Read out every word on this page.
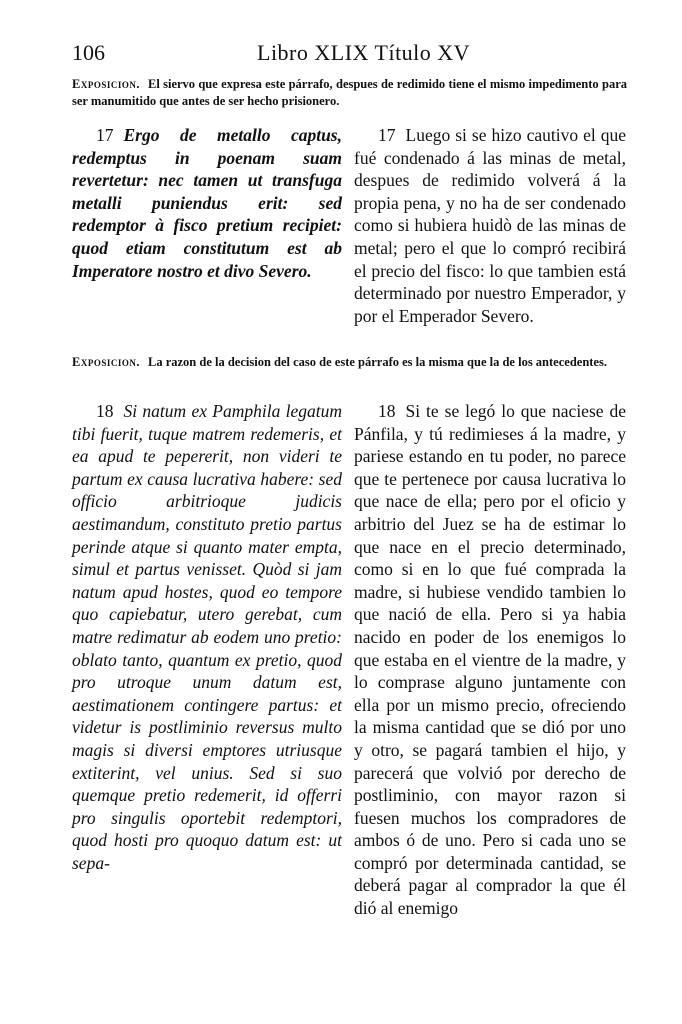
106	Libro XLIX Título XV
Exposicion. El siervo que expresa este párrafo, despues de redimido tiene el mismo impedimento para ser manumitido que antes de ser hecho prisionero.
17 Ergo de metallo captus, redemptus in poenam suam revertetur: nec tamen ut transfuga metalli puniendus erit: sed redemptor à fisco pretium recipiet: quod etiam constitutum est ab Imperatore nostro et divo Severo.
17 Luego si se hizo cautivo el que fué condenado á las minas de metal, despues de redimido volverá á la propia pena, y no ha de ser condenado como si hubiera huidò de las minas de metal; pero el que lo compró recibirá el precio del fisco: lo que tambien está determinado por nuestro Emperador, y por el Emperador Severo.
Exposicion. La razon de la decision del caso de este párrafo es la misma que la de los antecedentes.
18 Si natum ex Pamphila legatum tibi fuerit, tuque matrem redemeris, et ea apud te pepererit, non videri te partum ex causa lucrativa habere: sed officio arbitrioque judicis aestimandum, constituto pretio partus perinde atque si quanto mater empta, simul et partus venisset. Quòd si jam natum apud hostes, quod eo tempore quo capiebatur, utero gerebat, cum matre redimatur ab eodem uno pretio: oblato tanto, quantum ex pretio, quod pro utroque unum datum est, aestimationem contingere partus: et videtur is postliminio reversus multo magis si diversi emptores utriusque extiterint, vel unius. Sed si suo quemque pretio redemerit, id offerri pro singulis oportebit redemptori, quod hosti pro quoquo datum est: ut sepa-
18 Si te se legó lo que naciese de Pánfila, y tú redimieses á la madre, y pariese estando en tu poder, no parece que te pertenece por causa lucrativa lo que nace de ella; pero por el oficio y arbitrio del Juez se ha de estimar lo que nace en el precio determinado, como si en lo que fué comprada la madre, si hubiese vendido tambien lo que nació de ella. Pero si ya habia nacido en poder de los enemigos lo que estaba en el vientre de la madre, y lo comprase alguno juntamente con ella por un mismo precio, ofreciendo la misma cantidad que se dió por uno y otro, se pagará tambien el hijo, y parecerá que volvió por derecho de postliminio, con mayor razon si fuesen muchos los compradores de ambos ó de uno. Pero si cada uno se compró por determinada cantidad, se deberá pagar al comprador la que él dió al enemigo
